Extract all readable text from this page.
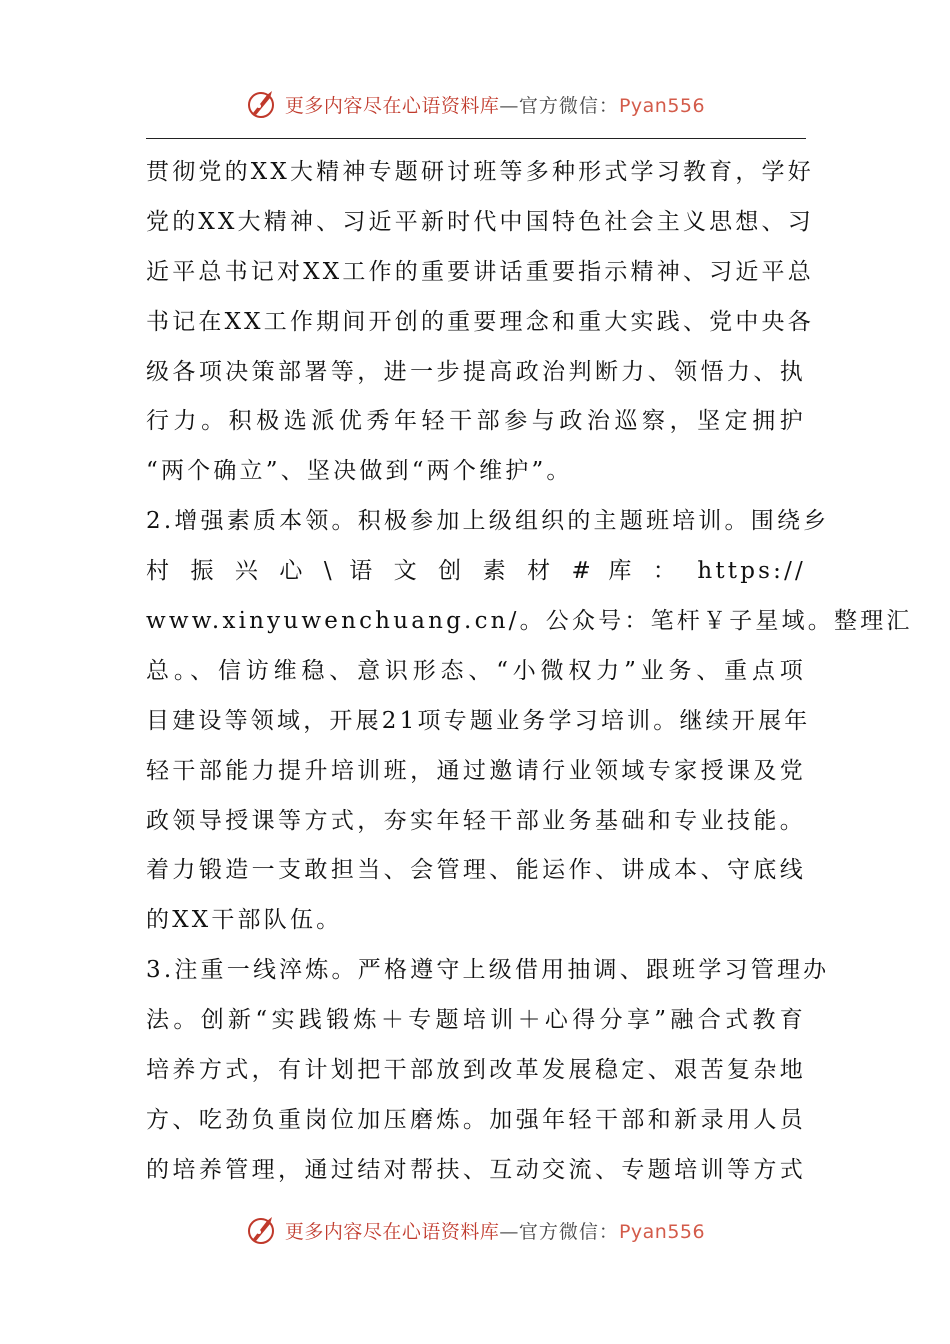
更多内容尽在心语资料库—官方微信：Pyan556
贯彻党的XX大精神专题研讨班等多种形式学习教育，学好
党的XX大精神、习近平新时代中国特色社会主义思想、习
近平总书记对XX工作的重要讲话重要指示精神、习近平总
书记在XX工作期间开创的重要理念和重大实践、党中央各
级各项决策部署等，进一步提高政治判断力、领悟力、执
行力。积极选派优秀年轻干部参与政治巡察，坚定拥护
“两个确立”、坚决做到“两个维护”。
2.增强素质本领。积极参加上级组织的主题班培训。围绕乡
村 振 兴 心 \ 语 文 创 素 材 # 库 ： https://
www.xinyuwenchuang.cn/。公众号：笔杆￥子星域。整理汇
总。、信访维稳、意识形态、“小微权力”业务、重点项
目建设等领域，开展21项专题业务学习培训。继续开展年
轻干部能力提升培训班，通过邀请行业领域专家授课及党
政领导授课等方式，夯实年轻干部业务基础和专业技能。
着力锻造一支敢担当、会管理、能运作、讲成本、守底线
的XX干部队伍。
3.注重一线淬炼。严格遵守上级借用抽调、跟班学习管理办
法。创新“实践锻炼＋专题培训＋心得分享”融合式教育
培养方式，有计划把干部放到改革发展稳定、艰苦复杂地
方、吃劲负重岗位加压磨炼。加强年轻干部和新录用人员
的培养管理，通过结对帮扶、互动交流、专题培训等方式
更多内容尽在心语资料库—官方微信：Pyan556
